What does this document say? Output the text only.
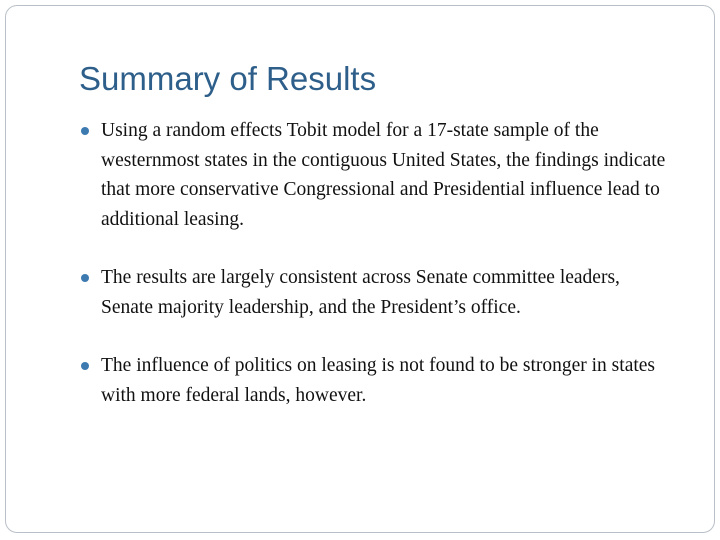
Summary of Results
Using a random effects Tobit model for a 17-state sample of the westernmost states in the contiguous United States, the findings indicate that more conservative Congressional and Presidential influence lead to additional leasing.
The results are largely consistent across Senate committee leaders, Senate majority leadership, and the President’s office.
The influence of politics on leasing is not found to be stronger in states with more federal lands, however.
